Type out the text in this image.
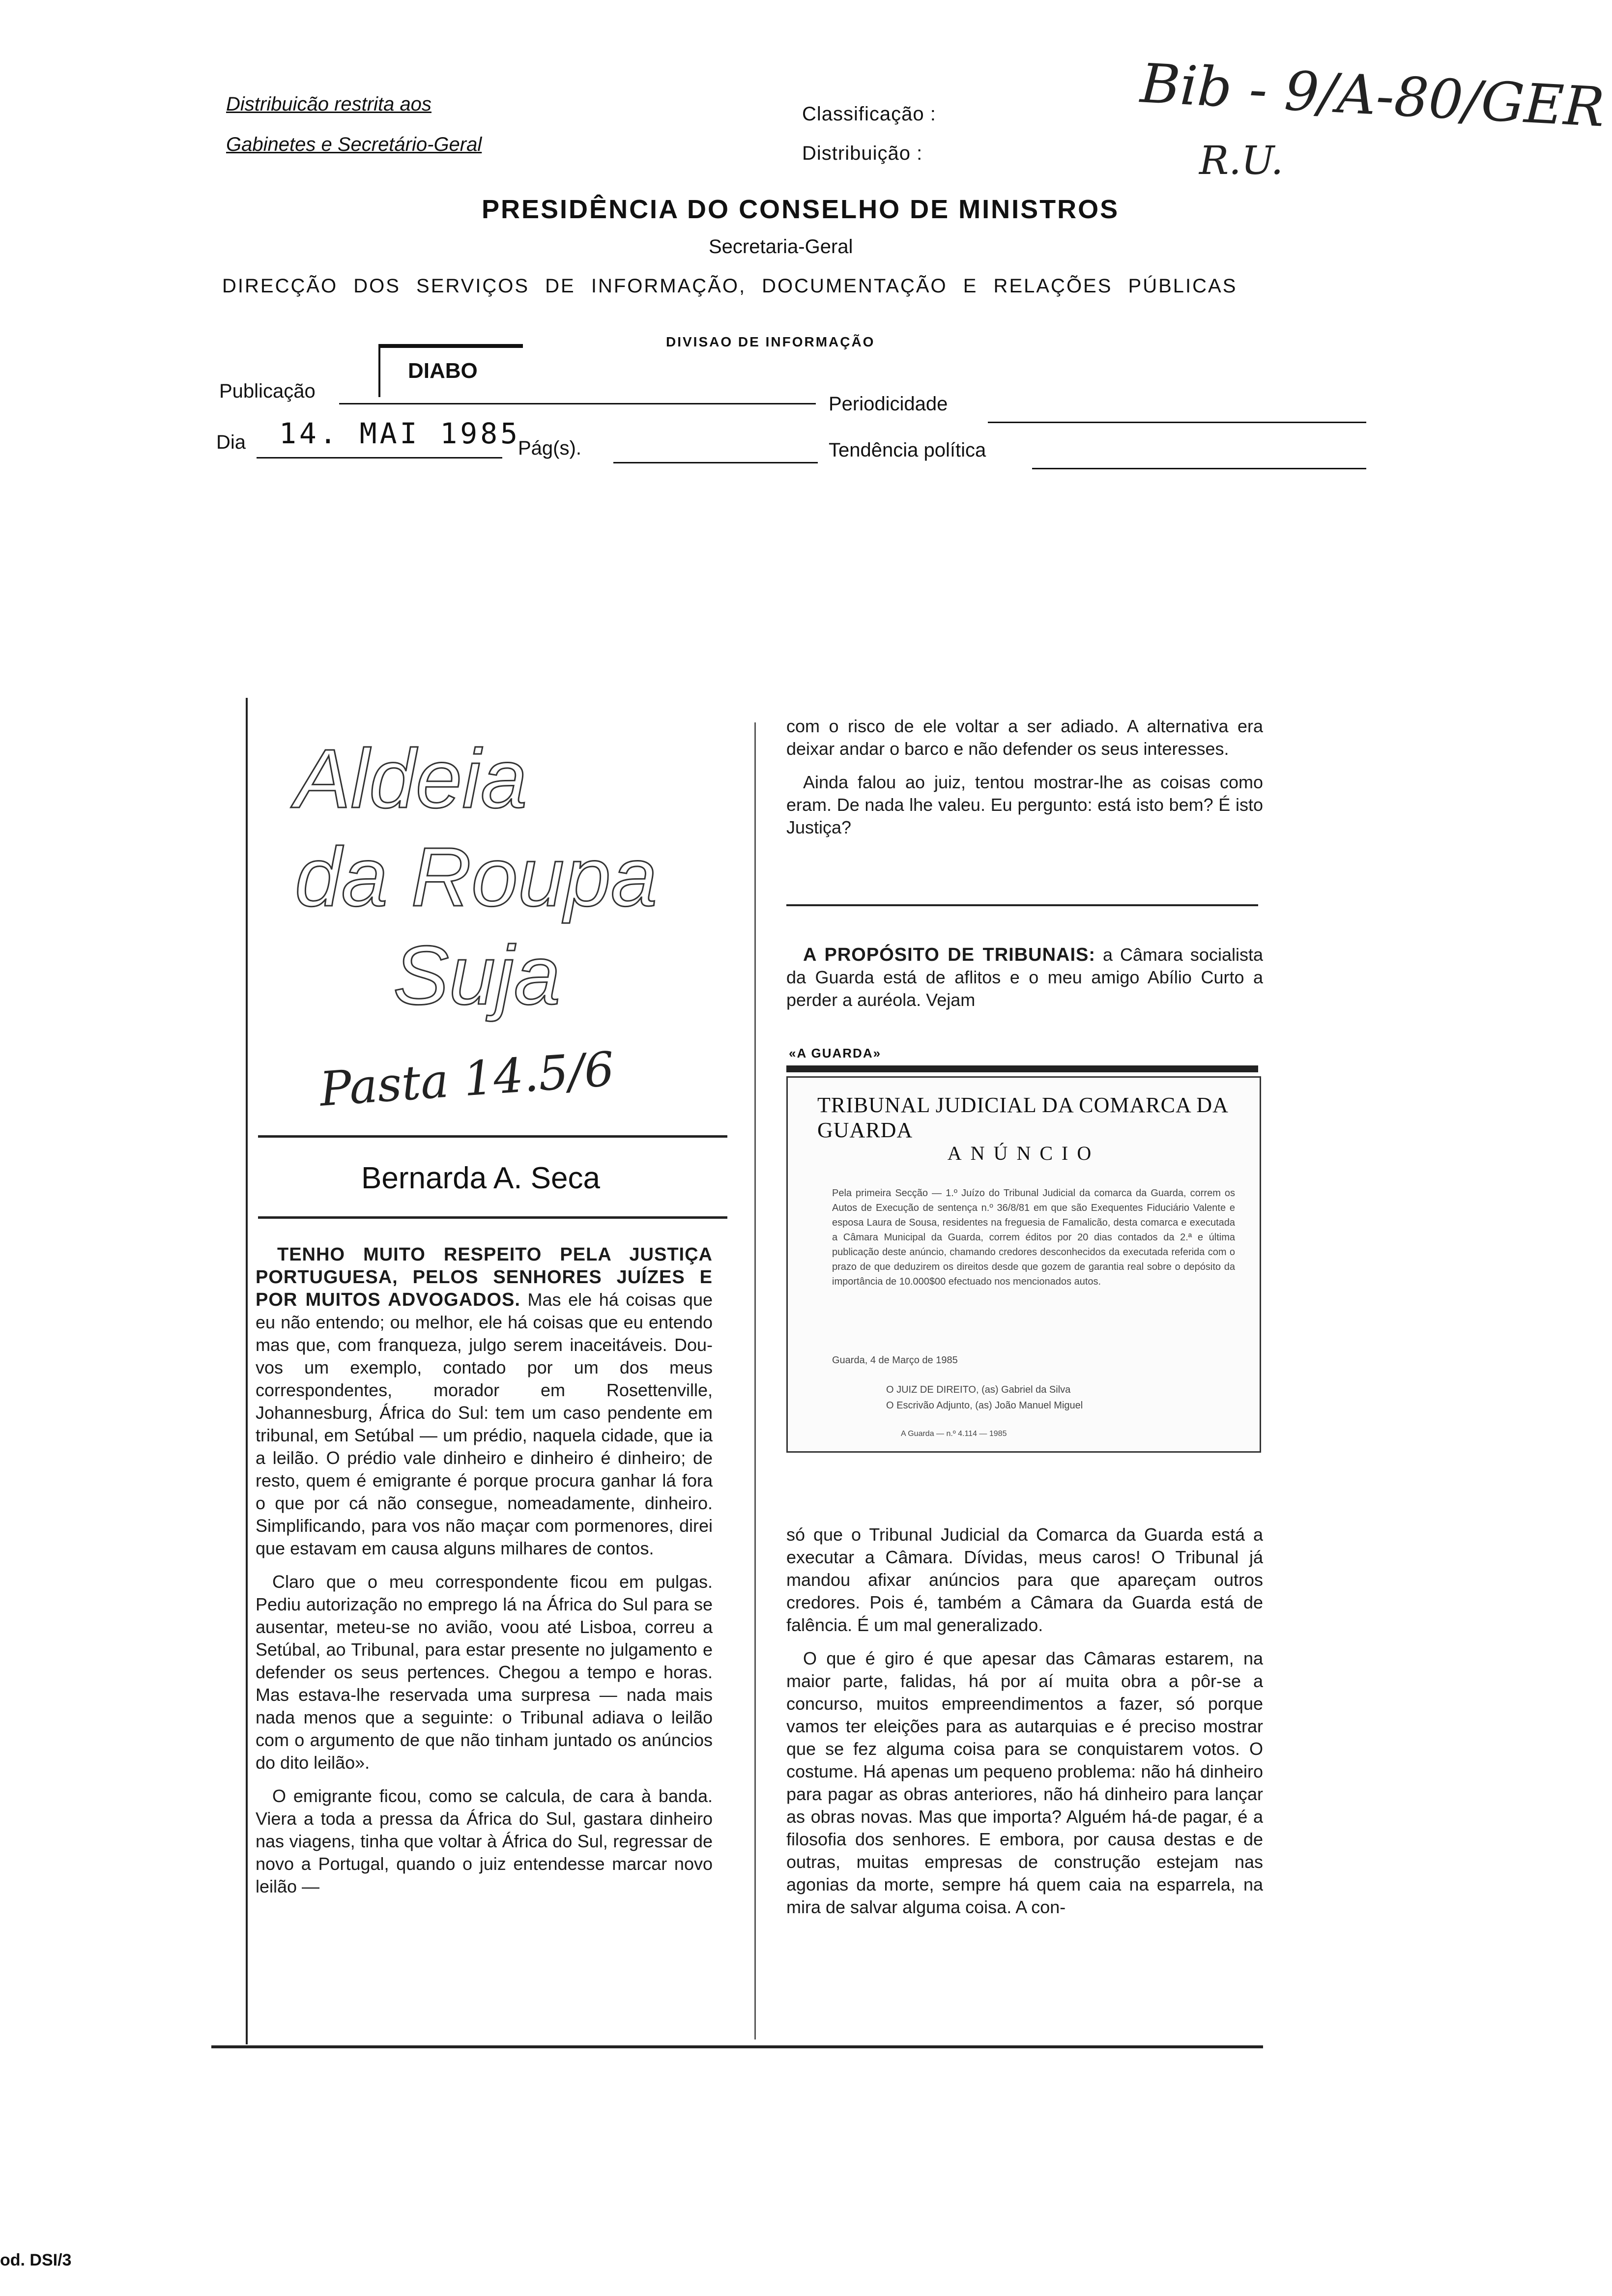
Distribuicão restrita aos
Gabinetes e Secretário-Geral
Classificação :
Distribuição :
Bib - 9/A-80/GER
R.U.
PRESIDÊNCIA DO CONSELHO DE MINISTROS
Secretaria-Geral
DIRECÇÃO DOS SERVIÇOS DE INFORMAÇÃO, DOCUMENTAÇÃO E RELAÇÕES PÚBLICAS
DIVISAO DE INFORMAÇÃO
Publicação
DIABO
Periodicidade
Dia 14. MAI 1985
Pág(s).	Tendência política
Aldeia
da Roupa
Suja
Pasta 14.5/6
Bernarda A. Seca

TENHO MUITO RESPEITO PELA JUSTIÇA PORTUGUESA, PELOS SENHORES JUÍZES E POR MUITOS ADVOGADOS. Mas ele há coisas que eu não entendo; ou melhor, ele há coisas que eu entendo mas que, com franqueza, julgo serem inaceitáveis. Dou-vos um exemplo, contado por um dos meus correspondentes, morador em Rosettenville, Johannesburg, África do Sul: tem um caso pendente em tribunal, em Setúbal — um prédio, naquela cidade, que ia a leilão. O prédio vale dinheiro e dinheiro é dinheiro; de resto, quem é emigrante é porque procura ganhar lá fora o que por cá não consegue, nomeadamente, dinheiro. Simplificando, para vos não maçar com pormenores, direi que estavam em causa alguns milhares de contos.

Claro que o meu correspondente ficou em pulgas. Pediu autorização no emprego lá na África do Sul para se ausentar, meteu-se no avião, voou até Lisboa, correu a Setúbal, ao Tribunal, para estar presente no julgamento e defender os seus pertences. Chegou a tempo e horas. Mas estava-lhe reservada uma surpresa — nada mais nada menos que a seguinte: o Tribunal adiava o leilão com o argumento de que não tinham juntado os anúncios do dito leilão».

O emigrante ficou, como se calcula, de cara à banda. Viera a toda a pressa da África do Sul, gastara dinheiro nas viagens, tinha que voltar à África do Sul, regressar de novo a Portugal, quando o juiz entendesse marcar novo leilão —

com o risco de ele voltar a ser adiado. A alternativa era deixar andar o barco e não defender os seus interesses.

Ainda falou ao juiz, tentou mostrar-lhe as coisas como eram. De nada lhe valeu. Eu pergunto: está isto bem? É isto Justiça?

A PROPÓSITO DE TRIBUNAIS: a Câmara socialista da Guarda está de aflitos e o meu amigo Abílio Curto a perder a auréola. Vejam

«A GUARDA»
TRIBUNAL JUDICIAL DA COMARCA DA GUARDA
ANÚNCIO
Pela primeira Secção — 1.º Juízo do Tribunal Judicial da comarca da Guarda, correm os Autos de Execução de sentença n.º 36/8/81 em que são Exequentes Fiduciário Valente e esposa Laura de Sousa, residentes na freguesia de Famalicão, desta comarca e executada a Câmara Municipal da Guarda, correm éditos por 20 dias contados da 2.ª e última publicação deste anúncio, chamando credores desconhecidos da executada referida com o prazo de que deduzirem os direitos desde que gozem de garantia real sobre o depósito da importância de 10.000$00 efectuado nos mencionados autos.
Guarda, 4 de Março de 1985
O JUIZ DE DIREITO, (as) Gabriel da Silva
O Escrivão Adjunto, (as) João Manuel Miguel
A Guarda — n.º 4.114 — 1985

só que o Tribunal Judicial da Comarca da Guarda está a executar a Câmara. Dívidas, meus caros! O Tribunal já mandou afixar anúncios para que apareçam outros credores. Pois é, também a Câmara da Guarda está de falência. É um mal generalizado.

O que é giro é que apesar das Câmaras estarem, na maior parte, falidas, há por aí muita obra a pôr-se a concurso, muitos empreendimentos a fazer, só porque vamos ter eleições para as autarquias e é preciso mostrar que se fez alguma coisa para se conquistarem votos. O costume. Há apenas um pequeno problema: não há dinheiro para pagar as obras anteriores, não há dinheiro para lançar as obras novas. Mas que importa? Alguém há-de pagar, é a filosofia dos senhores. E embora, por causa destas e de outras, muitas empresas de construção estejam nas agonias da morte, sempre há quem caia na esparrela, na mira de salvar alguma coisa. A con-

od. DSI/3
